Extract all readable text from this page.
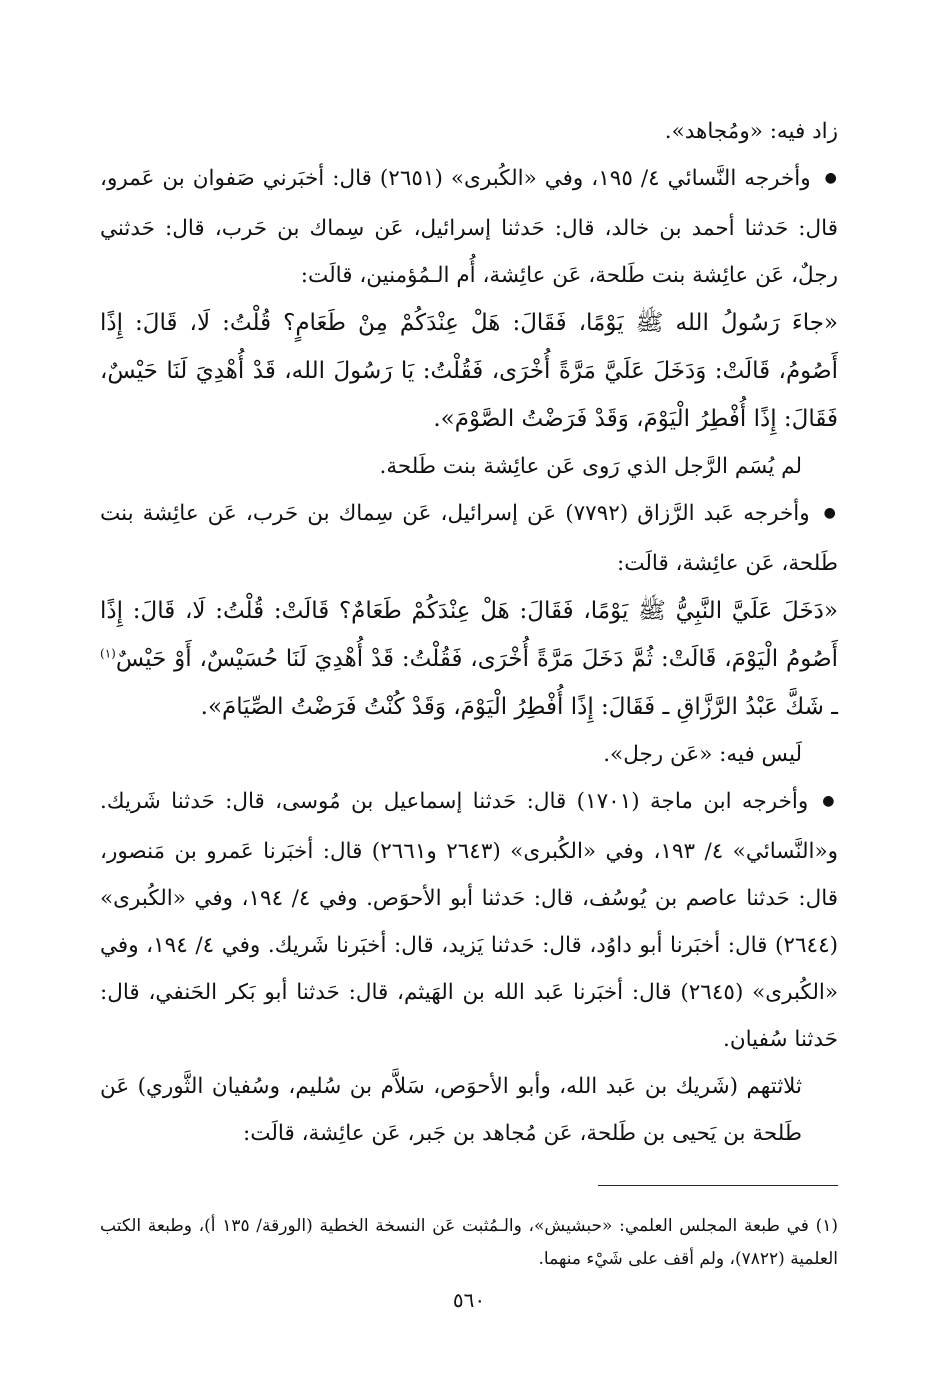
زاد فيه: «ومُجاهد».

● وأخرجه النَّسائي ٤/ ١٩٥، وفي «الكُبرى» (٢٦٥١) قال: أخبَرني صَفوان بن عَمرو، قال: حَدثنا أحمد بن خالد، قال: حَدثنا إسرائيل، عَن سِماك بن حَرب، قال: حَدثني رجلٌ، عَن عائِشة بنت طَلحة، عَن عائِشة، أُم الـمُؤمنين، قالَت:

«جاءَ رَسُولُ الله ﷺ يَوْمًا، فَقَالَ: هَلْ عِنْدَكُمْ مِنْ طَعَامٍ؟ قُلْتُ: لَا، قَالَ: إِذًا أَصُومُ، قَالَتْ: وَدَخَلَ عَلَيَّ مَرَّةً أُخْرَى، فَقُلْتُ: يَا رَسُولَ الله، قَدْ أُهْدِيَ لَنَا حَيْسٌ، فَقَالَ: إِذًا أُفْطِرُ الْيَوْمَ، وَقَدْ فَرَضْتُ الصَّوْمَ».

لم يُسَم الرَّجل الذي رَوى عَن عائِشة بنت طَلحة.

● وأخرجه عَبد الرَّزاق (٧٧٩٢) عَن إسرائيل، عَن سِماك بن حَرب، عَن عائِشة بنت طَلحة، عَن عائِشة، قالَت:

«دَخَلَ عَلَيَّ النَّبِيُّ ﷺ يَوْمًا، فَقَالَ: هَلْ عِنْدَكُمْ طَعَامٌ؟ قَالَتْ: قُلْتُ: لَا، قَالَ: إِذًا أَصُومُ الْيَوْمَ، قَالَتْ: ثُمَّ دَخَلَ مَرَّةً أُخْرَى، فَقُلْتُ: قَدْ أُهْدِيَ لَنَا حُسَيْسٌ، أَوْ حَيْسٌ$^{(١)}$ ـ شَكَّ عَبْدُ الرَّزَّاقِ ـ فَقَالَ: إِذًا أُفْطِرُ الْيَوْمَ، وَقَدْ كُنْتُ فَرَضْتُ الصِّيَامَ».

لَيس فيه: «عَن رجل».

● وأخرجه ابن ماجة (١٧٠١) قال: حَدثنا إسماعيل بن مُوسى، قال: حَدثنا شَريك. و«النَّسائي» ٤/ ١٩٣، وفي «الكُبرى» (٢٦٤٣ و٢٦٦١) قال: أخبَرنا عَمرو بن مَنصور، قال: حَدثنا عاصم بن يُوسُف، قال: حَدثنا أبو الأحوَص. وفي ٤/ ١٩٤، وفي «الكُبرى» (٢٦٤٤) قال: أخبَرنا أبو داوُد، قال: حَدثنا يَزيد، قال: أخبَرنا شَريك. وفي ٤/ ١٩٤، وفي «الكُبرى» (٢٦٤٥) قال: أخبَرنا عَبد الله بن الهَيثم، قال: حَدثنا أبو بَكر الحَنفي، قال: حَدثنا سُفيان.

ثلاثتهم (شَريك بن عَبد الله، وأبو الأحوَص، سَلاَّم بن سُليم، وسُفيان الثَّوري) عَن طَلحة بن يَحيى بن طَلحة، عَن مُجاهد بن جَبر، عَن عائِشة، قالَت:

(١) في طبعة المجلس العلمي: «حبشيش»، والـمُثبت عَن النسخة الخطية (الورقة/ ١٣٥ أ)، وطبعة الكتب العلمية (٧٨٢٢)، ولم أقف على شَيْء منهما.

٥٦٠
